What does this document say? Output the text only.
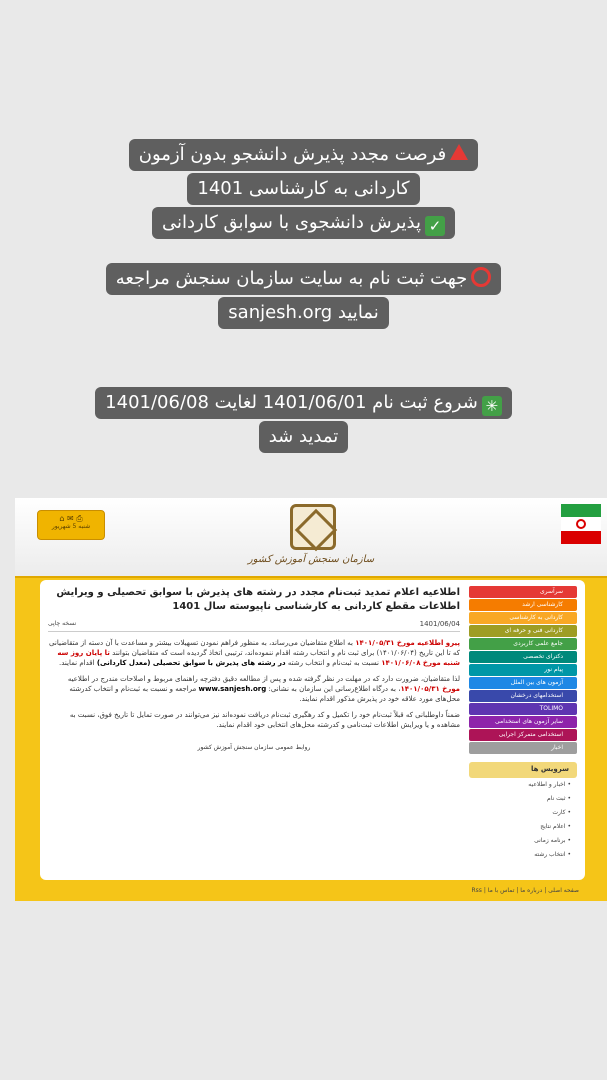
فرصت مجدد پذیرش دانشجو بدون آزمون
کاردانی به کارشناسی 1401
✓پذیرش دانشجوی با سوابق کاردانی
جهت ثبت نام به سایت سازمان سنجش مراجعه
نمایید sanjesh.org
✳شروع ثبت نام 1401/06/01 لغایت 1401/06/08
تمدید شد
سازمان سنجش آموزش کشور
⌂ ✉ ⎙
شنبه 5 شهریور
سرآسری
کارشناسی ارشد
کاردانی به کارشناسی
کاردانی فنی و حرفه ای
جامع علمی کاربردی
دکترای تخصصی
پیام نور
آزمون های بین الملل
استخدامهای درخشان
TOLIMO
سایر آزمون های استخدامی
استخدامی متمرکز اجرایی
اخبار
سرویس ها
• اخبار و اطلاعیه
• ثبت نام
• کارت
• اعلام نتایج
• برنامه زمانی
• انتخاب رشته
اطلاعیه اعلام تمدید ثبت‌نام مجدد در رشته های پذیرش با سوابق تحصیلی و ویرایش اطلاعات مقطع کاردانی به کارشناسی ناپیوسته سال 1401
1401/06/04
نسخه چاپی

پیرو اطلاعیه مورخ ۱۴۰۱/۰۵/۳۱ به اطلاع متقاضیان می‌رساند، به منظور فراهم نمودن تسهیلات بیشتر و مساعدت با آن دسته از متقاضیانی که تا این تاریخ (۱۴۰۱/۰۶/۰۴) برای ثبت نام و انتخاب رشته اقدام ننموده‌اند، ترتیبی اتخاذ گردیده است که متقاضیان بتوانند تا پایان روز سه شنبه مورخ ۱۴۰۱/۰۶/۰۸ نسبت به ثبت‌نام و انتخاب رشته در رشته های پذیرش با سوابق تحصیلی (معدل کاردانی) اقدام نمایند.

لذا متقاضیان، ضرورت دارد که در مهلت در نظر گرفته شده و پس از مطالعه دقیق دفترچه راهنمای مربوط و اصلاحات مندرج در اطلاعیه مورخ ۱۴۰۱/۰۵/۳۱، به درگاه اطلاع‌رسانی این سازمان به نشانی: www.sanjesh.org مراجعه و نسبت به ثبت‌نام و انتخاب کدرشته محل‌های مورد علاقه خود در پذیرش مذکور اقدام نمایند.

ضمناً داوطلبانی که قبلاً ثبت‌نام خود را تکمیل و کد رهگیری ثبت‌نام دریافت نموده‌اند نیز می‌توانند در صورت تمایل تا تاریخ فوق، نسبت به مشاهده و یا ویرایش اطلاعات ثبت‌نامی و کدرشته محل‌های انتخابی خود اقدام نمایند.

روابط عمومی سازمان سنجش آموزش کشور
صفحه اصلی | درباره ما | تماس با ما | Rss
